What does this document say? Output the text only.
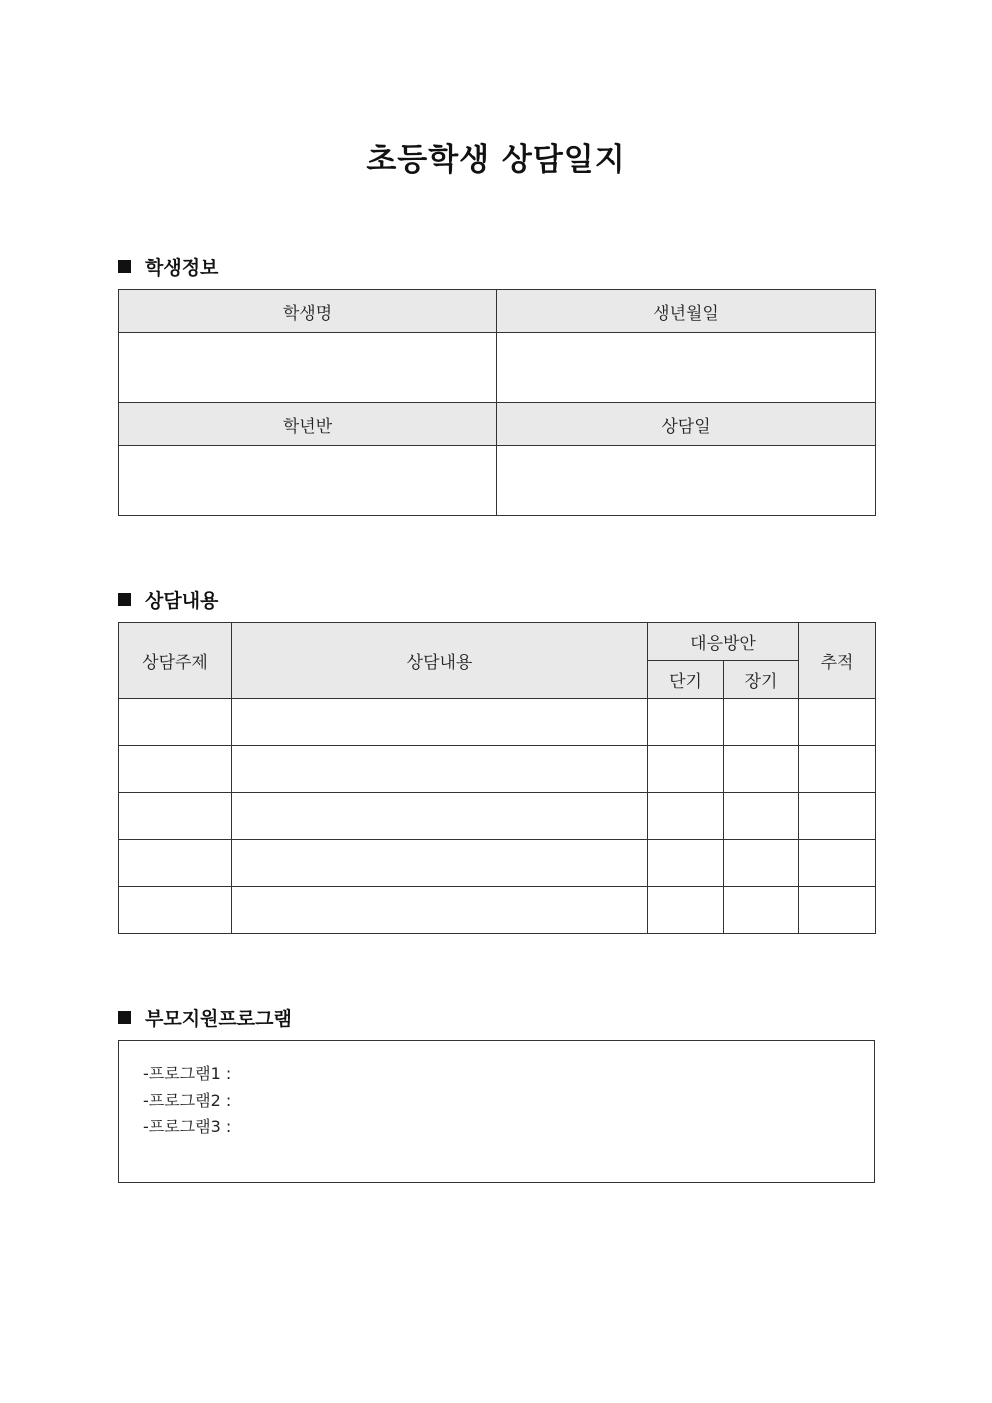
초등학생 상담일지
학생정보
학생명	생년월일

학년반	상담일

상담내용
상담주제	상담내용	대응방안		추적
		단기	장기	

부모지원프로그램
-프로그램1 :
-프로그램2 :
-프로그램3 :
